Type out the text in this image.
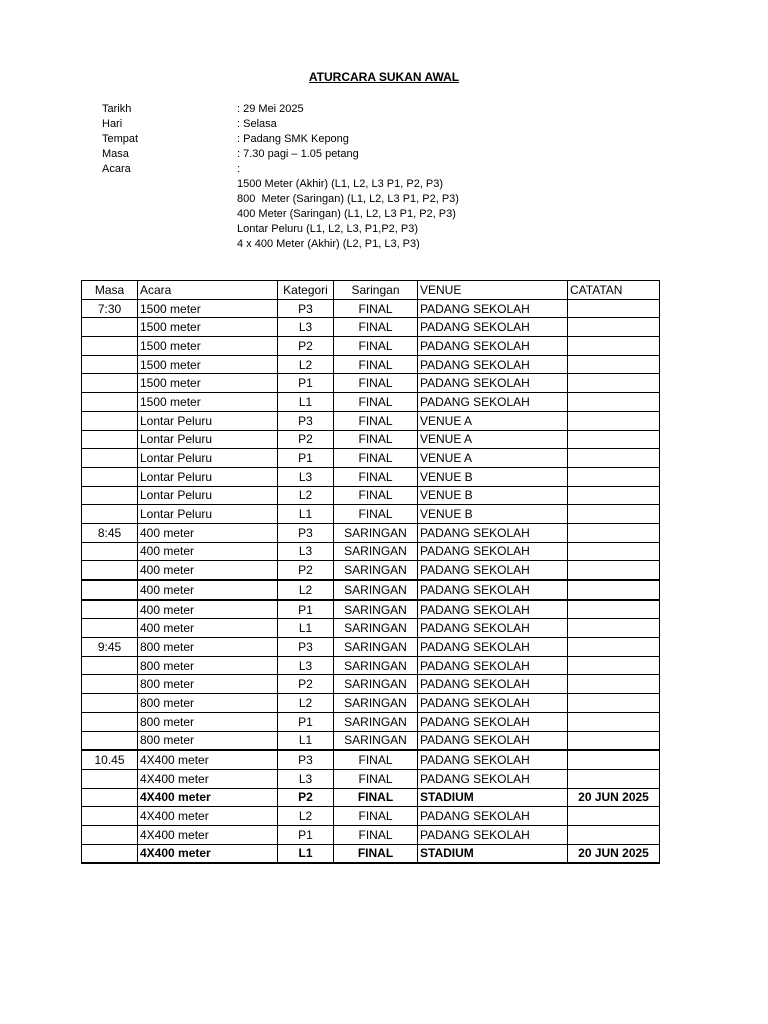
ATURCARA SUKAN AWAL
Tarikh	: 29 Mei 2025
Hari	: Selasa
Tempat	: Padang SMK Kepong
Masa	: 7.30 pagi – 1.05 petang
Acara	:
1500 Meter (Akhir) (L1, L2, L3 P1, P2, P3)
800  Meter (Saringan) (L1, L2, L3 P1, P2, P3)
400 Meter (Saringan) (L1, L2, L3 P1, P2, P3)
Lontar Peluru (L1, L2, L3, P1,P2, P3)
4 x 400 Meter (Akhir) (L2, P1, L3, P3)
Masa	Acara	Kategori	Saringan	VENUE	CATATAN
7:30	1500 meter	P3	FINAL	PADANG SEKOLAH	
	1500 meter	L3	FINAL	PADANG SEKOLAH	
	1500 meter	P2	FINAL	PADANG SEKOLAH	
	1500 meter	L2	FINAL	PADANG SEKOLAH	
	1500 meter	P1	FINAL	PADANG SEKOLAH	
	1500 meter	L1	FINAL	PADANG SEKOLAH	
	Lontar Peluru	P3	FINAL	VENUE A	
	Lontar Peluru	P2	FINAL	VENUE A	
	Lontar Peluru	P1	FINAL	VENUE A	
	Lontar Peluru	L3	FINAL	VENUE B	
	Lontar Peluru	L2	FINAL	VENUE B	
	Lontar Peluru	L1	FINAL	VENUE B	
8:45	400 meter	P3	SARINGAN	PADANG SEKOLAH	
	400 meter	L3	SARINGAN	PADANG SEKOLAH	
	400 meter	P2	SARINGAN	PADANG SEKOLAH	
	400 meter	L2	SARINGAN	PADANG SEKOLAH	
	400 meter	P1	SARINGAN	PADANG SEKOLAH	
	400 meter	L1	SARINGAN	PADANG SEKOLAH	
9:45	800 meter	P3	SARINGAN	PADANG SEKOLAH	
	800 meter	L3	SARINGAN	PADANG SEKOLAH	
	800 meter	P2	SARINGAN	PADANG SEKOLAH	
	800 meter	L2	SARINGAN	PADANG SEKOLAH	
	800 meter	P1	SARINGAN	PADANG SEKOLAH	
	800 meter	L1	SARINGAN	PADANG SEKOLAH	
10.45	4X400 meter	P3	FINAL	PADANG SEKOLAH	
	4X400 meter	L3	FINAL	PADANG SEKOLAH	
	4X400 meter	P2	FINAL	STADIUM	20 JUN 2025
	4X400 meter	L2	FINAL	PADANG SEKOLAH	
	4X400 meter	P1	FINAL	PADANG SEKOLAH	
	4X400 meter	L1	FINAL	STADIUM	20 JUN 2025
